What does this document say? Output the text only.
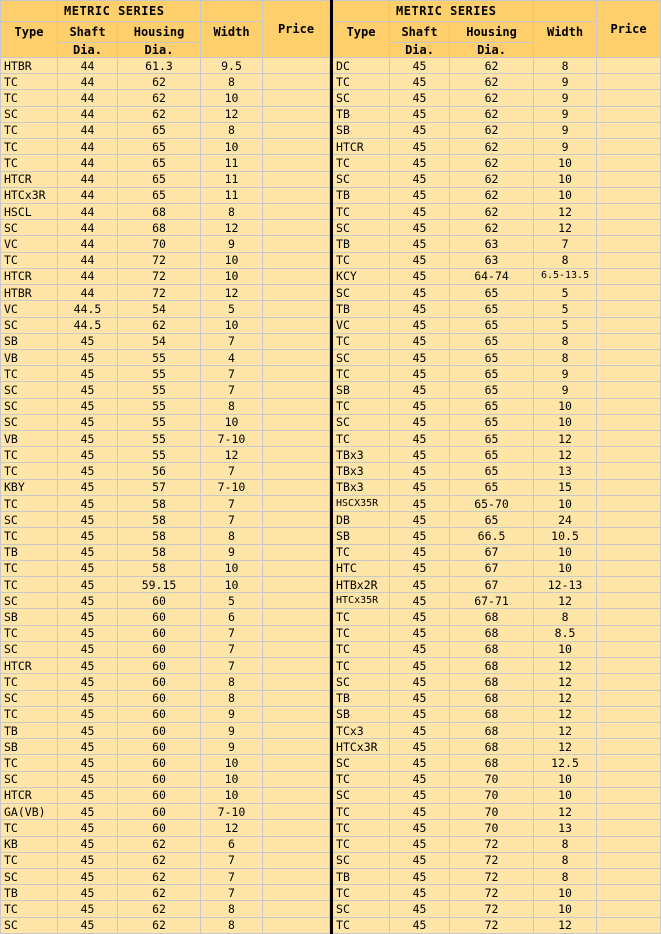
	METRIC SERIES			Price
Type	Shaft	Housing	Width	
	Dia.	Dia.		
HTBR	44	61.3	9.5	
TC	44	62	8	
TC	44	62	10	
SC	44	62	12	
TC	44	65	8	
TC	44	65	10	
TC	44	65	11	
HTCR	44	65	11	
HTCx3R	44	65	11	
HSCL	44	68	8	
SC	44	68	12	
VC	44	70	9	
TC	44	72	10	
HTCR	44	72	10	
HTBR	44	72	12	
VC	44.5	54	5	
SC	44.5	62	10	
SB	45	54	7	
VB	45	55	4	
TC	45	55	7	
SC	45	55	7	
SC	45	55	8	
SC	45	55	10	
VB	45	55	7-10	
TC	45	55	12	
TC	45	56	7	
KBY	45	57	7-10	
TC	45	58	7	
SC	45	58	7	
TC	45	58	8	
TB	45	58	9	
TC	45	58	10	
TC	45	59.15	10	
SC	45	60	5	
SB	45	60	6	
TC	45	60	7	
SC	45	60	7	
HTCR	45	60	7	
TC	45	60	8	
SC	45	60	8	
TC	45	60	9	
TB	45	60	9	
SB	45	60	9	
TC	45	60	10	
SC	45	60	10	
HTCR	45	60	10	
GA(VB)	45	60	7-10	
TC	45	60	12	
KB	45	62	6	
TC	45	62	7	
SC	45	62	7	
TB	45	62	7	
TC	45	62	8	
SC	45	62	8	
	METRIC SERIES			Price
Type	Shaft	Housing	Width	
	Dia.	Dia.		
DC	45	62	8	
TC	45	62	9	
SC	45	62	9	
TB	45	62	9	
SB	45	62	9	
HTCR	45	62	9	
TC	45	62	10	
SC	45	62	10	
TB	45	62	10	
TC	45	62	12	
SC	45	62	12	
TB	45	63	7	
TC	45	63	8	
KCY	45	64-74	6.5-13.5	
SC	45	65	5	
TB	45	65	5	
VC	45	65	5	
TC	45	65	8	
SC	45	65	8	
TC	45	65	9	
SB	45	65	9	
TC	45	65	10	
SC	45	65	10	
TC	45	65	12	
TBx3	45	65	12	
TBx3	45	65	13	
TBx3	45	65	15	
HSCX35R	45	65-70	10	
DB	45	65	24	
SB	45	66.5	10.5	
TC	45	67	10	
HTC	45	67	10	
HTBx2R	45	67	12-13	
HTCx35R	45	67-71	12	
TC	45	68	8	
TC	45	68	8.5	
TC	45	68	10	
TC	45	68	12	
SC	45	68	12	
TB	45	68	12	
SB	45	68	12	
TCx3	45	68	12	
HTCx3R	45	68	12	
SC	45	68	12.5	
TC	45	70	10	
SC	45	70	10	
TC	45	70	12	
TC	45	70	13	
TC	45	72	8	
SC	45	72	8	
TB	45	72	8	
TC	45	72	10	
SC	45	72	10	
TC	45	72	12	
